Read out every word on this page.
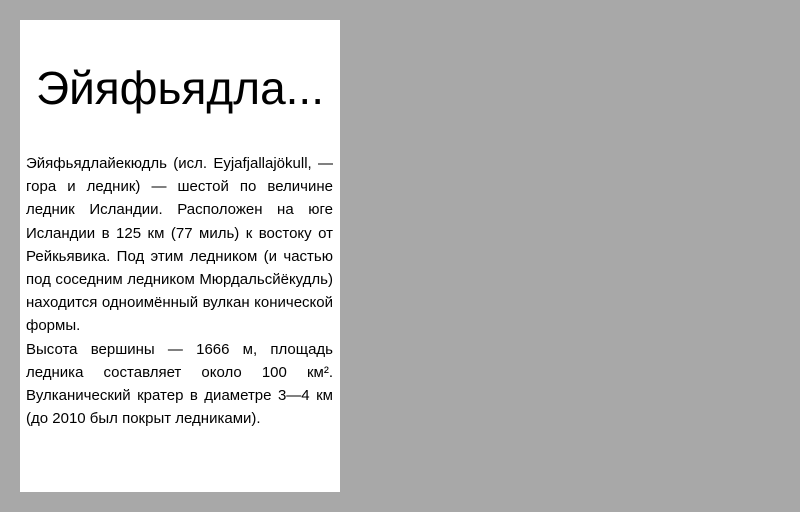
Эйяфьядла...

Эйяфьядлайекюдль (исл. Eyjafjallajökull, — гора и ледник) — шестой по величине ледник Исландии. Расположен на юге Исландии в 125 км (77 миль) к востоку от Рейкьявика. Под этим ледником (и частью под соседним ледником Мюрдальсйёкудль) находится одноимённый вулкан конической формы.

Высота вершины — 1666 м, площадь ледника составляет около 100 км². Вулканический кратер в диаметре 3—4 км (до 2010 был покрыт ледниками).
